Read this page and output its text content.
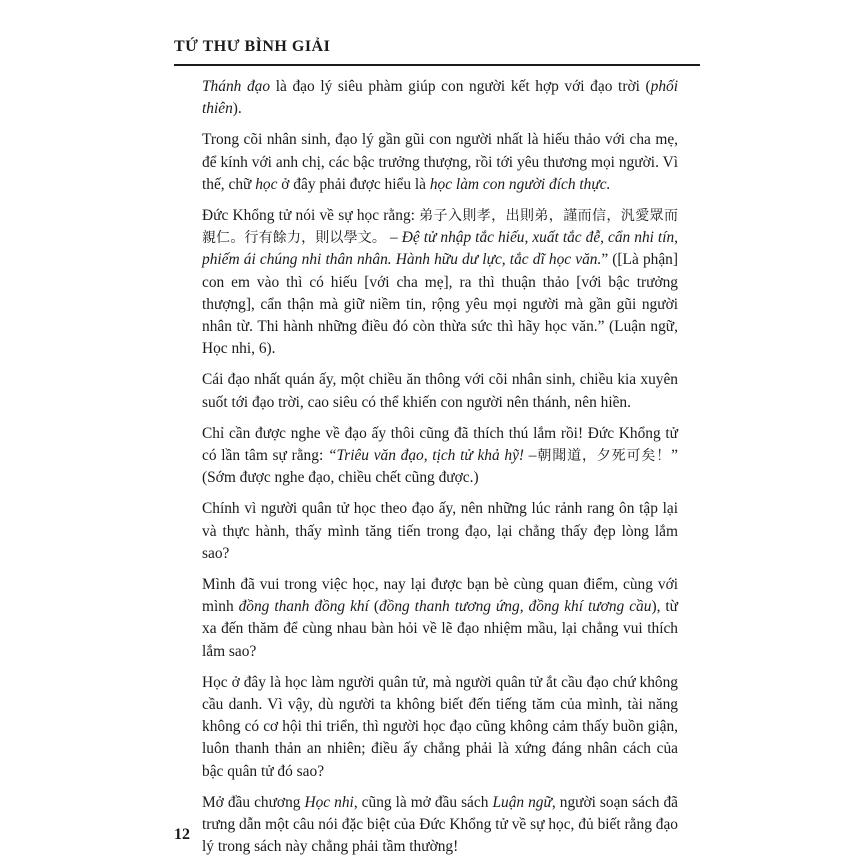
TỨ THƯ BÌNH GIẢI

Thánh đạo là đạo lý siêu phàm giúp con người kết hợp với đạo trời (phối thiên).

Trong cõi nhân sinh, đạo lý gần gũi con người nhất là hiếu thảo với cha mẹ, để kính với anh chị, các bậc trưởng thượng, rồi tới yêu thương mọi người. Vì thế, chữ học ở đây phải được hiểu là học làm con người đích thực.

Đức Khổng tử nói về sự học rằng: 弟子入則孝，出則弟，謹而信，汎愛眾而親仁。行有餘力，則以學文。 – Đệ tử nhập tắc hiếu, xuất tắc đễ, cẩn nhi tín, phiếm ái chúng nhi thân nhân. Hành hữu dư lực, tắc dĩ học văn.” ([Là phận] con em vào thì có hiếu [với cha mẹ], ra thì thuận thảo [với bậc trưởng thượng], cẩn thận mà giữ niềm tin, rộng yêu mọi người mà gần gũi người nhân từ. Thi hành những điều đó còn thừa sức thì hãy học văn.” (Luận ngữ, Học nhi, 6).

Cái đạo nhất quán ấy, một chiều ăn thông với cõi nhân sinh, chiều kia xuyên suốt tới đạo trời, cao siêu có thể khiến con người nên thánh, nên hiền.

Chỉ cần được nghe về đạo ấy thôi cũng đã thích thú lắm rồi! Đức Khổng tử có lần tâm sự rằng: “Triêu văn đạo, tịch tử khả hỹ! –朝聞道，夕死可矣！” (Sớm được nghe đạo, chiều chết cũng được.)

Chính vì người quân tử học theo đạo ấy, nên những lúc rảnh rang ôn tập lại và thực hành, thấy mình tăng tiến trong đạo, lại chẳng thấy đẹp lòng lắm sao?

Mình đã vui trong việc học, nay lại được bạn bè cùng quan điểm, cùng với mình đồng thanh đồng khí (đồng thanh tương ứng, đồng khí tương cầu), từ xa đến thăm để cùng nhau bàn hỏi về lẽ đạo nhiệm mầu, lại chẳng vui thích lắm sao?

Học ở đây là học làm người quân tử, mà người quân tử ắt cầu đạo chứ không cầu danh. Vì vậy, dù người ta không biết đến tiếng tăm của mình, tài năng không có cơ hội thi triển, thì người học đạo cũng không cảm thấy buồn giận, luôn thanh thản an nhiên; điều ấy chẳng phải là xứng đáng nhân cách của bậc quân tử đó sao?

Mở đầu chương Học nhi, cũng là mở đầu sách Luận ngữ, người soạn sách đã trưng dẫn một câu nói đặc biệt của Đức Khổng tử về sự học, đủ biết rằng đạo lý trong sách này chẳng phải tầm thường!

12
